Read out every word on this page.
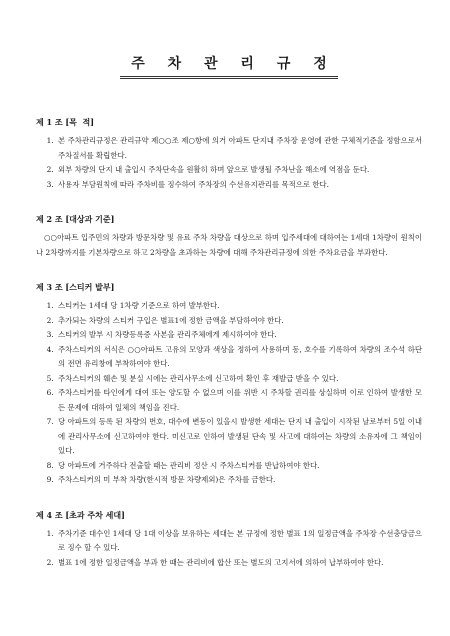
주 차 관 리 규 정
제 1 조 [목  적]
1. 본 주차관리규정은 관리규약 제○○조 제○항에 의거 아파트 단지내 주차장 운영에 관한 구체적기준을 정함으로서 주차질서를 확립한다.
2. 외부 차량의 단지 내 출입시 주차단속을 원활히 하며 앞으로 발생될 주차난을 해소에 역점을 둔다.
3. 사용자 부담원칙에 따라 주차비를 징수하여 주차장의 수선유지관리를 목적으로 한다.
제 2 조 [대상과 기준]

○○아파트 입주민의 차량과 방문차량 및 유료 주차 차량을 대상으로 하며 입주세대에 대하여는 1세대 1차량이 원칙이나 2차량까지를 기본차량으로 하고 2차량을 초과하는 차량에 대해 주차관리규정에 의한 주차요금을 부과한다.

제 3 조 [스티커 발부]
1. 스티커는 1세대 당 1차량 기준으로 하여 발부한다.
2. 추가되는 차량의 스티커 구입은 별표1에 정한 금액을 부담하여야 한다.
3. 스티커의 발부 시 차량등록증 사본을 관리주체에게 제시하여야 한다.
4. 주차스티커의 서식은 ○○아파트 고유의 모양과 색상을 정하여 사용하며 동, 호수를 기록하여 차량의 조수석 하단의 전면 유리창에 부착하여야 한다.
5. 주차스티커의 훼손 및 분실 시에는 관리사무소에 신고하여 확인 후 재발급 받을 수 있다.
6. 주차스티커를 타인에게 대여 또는 양도할 수 없으며 이를 위반 시 주차할 권리를 상실하며 이로 인하여 발생한 모든 문제에 대하여 일체의 책임을 진다.
7. 당 아파트의 등록 된 차량의 번호, 대수에 변동이 있을시 발생한 세대는 단지 내 출입이 시작된 날로부터 5일 이내에 관리사무소에 신고하여야 한다. 미신고로 인하여 발생된 단속 및 사고에 대하여는 차량의 소유자에 그 책임이 있다.
8. 당 아파트에 거주하다 전출할 때는 관리비 정산 시 주차스티커를 반납하여야 한다.
9. 주차스티커의 미 부착 차량(한시적 방문 차량제외)은 주차를 금한다.
제 4 조 [초과 주차 세대]
1. 주차기준 대수인 1세대 당 1대 이상을 보유하는 세대는 본 규정에 정한 별표 1의 일정금액을 주차장 수선충당금으로 징수 할 수 있다.
2. 별표 1에 정한 일정금액을 부과 한 때는 관리비에 합산 또는 별도의 고지서에 의하여 납부하여야 한다.
